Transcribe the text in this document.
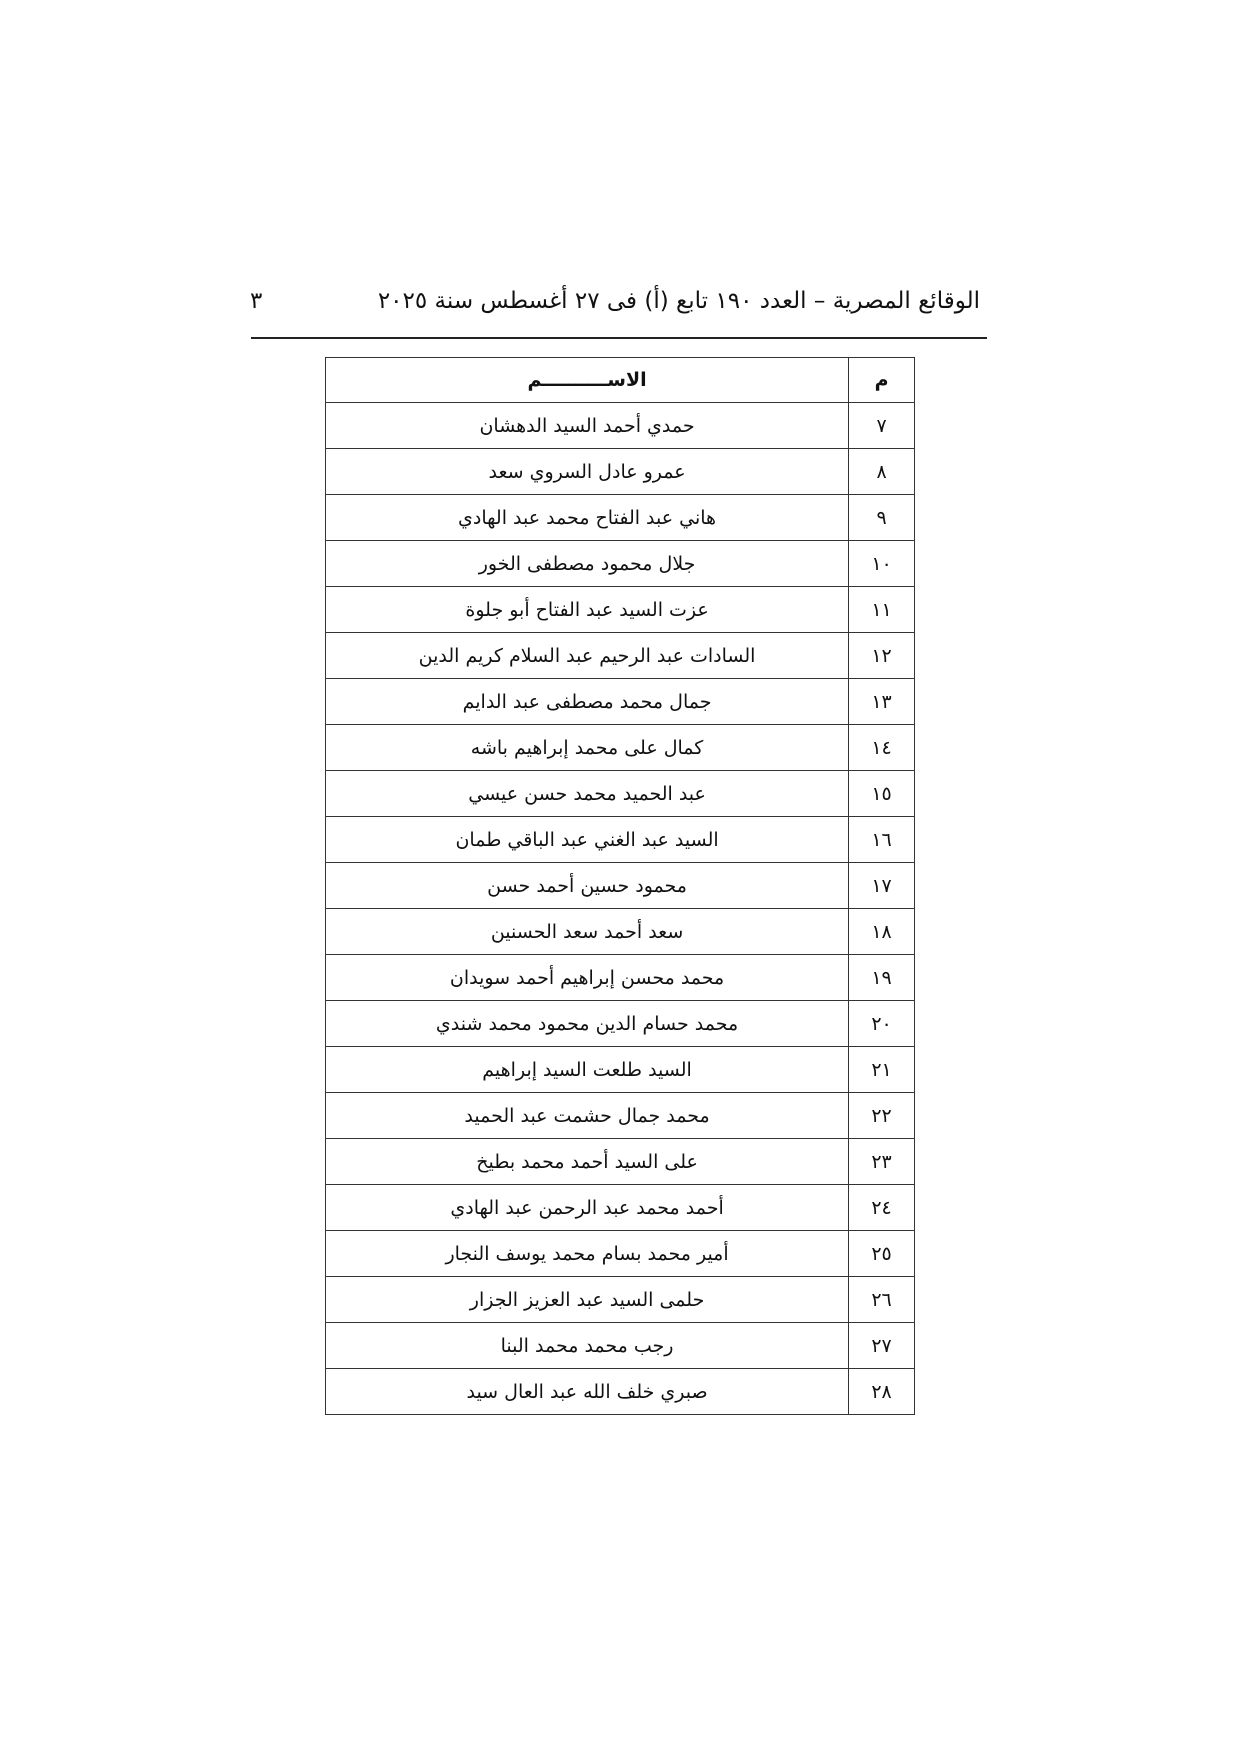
الوقائع المصرية – العدد ١٩٠ تابع (أ) فى ٢٧ أغسطس سنة ٢٠٢٥
٣
م	الاســــــــــم
٧	حمدي أحمد السيد الدهشان
٨	عمرو عادل السروي سعد
٩	هاني عبد الفتاح محمد عبد الهادي
١٠	جلال محمود مصطفى الخور
١١	عزت السيد عبد الفتاح أبو جلوة
١٢	السادات عبد الرحيم عبد السلام كريم الدين
١٣	جمال محمد مصطفى عبد الدايم
١٤	كمال على محمد إبراهيم باشه
١٥	عبد الحميد محمد حسن عيسي
١٦	السيد عبد الغني عبد الباقي طمان
١٧	محمود حسين أحمد حسن
١٨	سعد أحمد سعد الحسنين
١٩	محمد محسن إبراهيم أحمد سويدان
٢٠	محمد حسام الدين محمود محمد شندي
٢١	السيد طلعت السيد إبراهيم
٢٢	محمد جمال حشمت عبد الحميد
٢٣	على السيد أحمد محمد بطيخ
٢٤	أحمد محمد عبد الرحمن عبد الهادي
٢٥	أمير محمد بسام محمد يوسف النجار
٢٦	حلمى السيد عبد العزيز الجزار
٢٧	رجب محمد محمد البنا
٢٨	صبري خلف الله عبد العال سيد
